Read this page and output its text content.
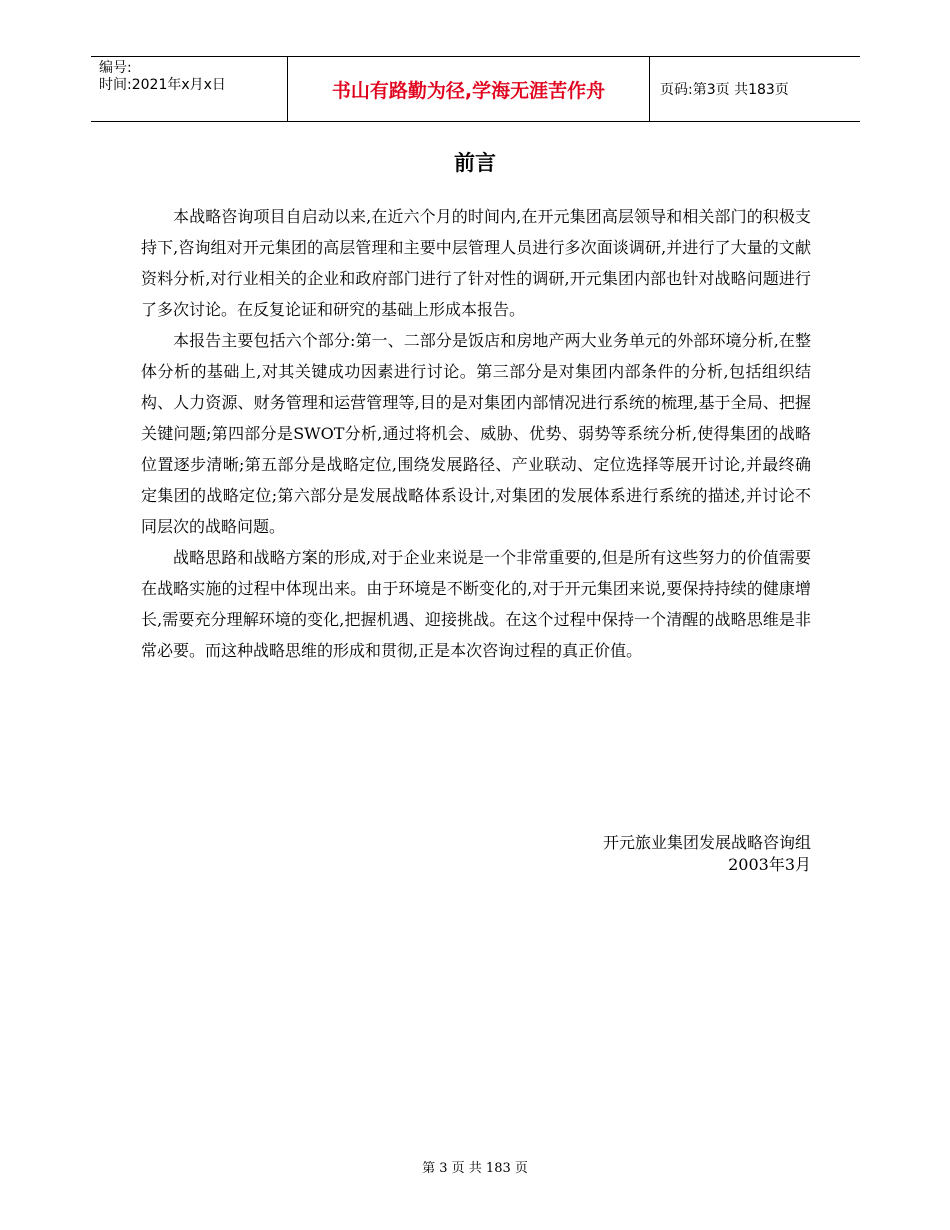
编号:
时间:2021年x月x日	书山有路勤为径,学海无涯苦作舟	页码:第3页 共183页
前言

本战略咨询项目自启动以来,在近六个月的时间内,在开元集团高层领导和相关部门的积极支持下,咨询组对开元集团的高层管理和主要中层管理人员进行多次面谈调研,并进行了大量的文献资料分析,对行业相关的企业和政府部门进行了针对性的调研,开元集团内部也针对战略问题进行了多次讨论。在反复论证和研究的基础上形成本报告。

本报告主要包括六个部分:第一、二部分是饭店和房地产两大业务单元的外部环境分析,在整体分析的基础上,对其关键成功因素进行讨论。第三部分是对集团内部条件的分析,包括组织结构、人力资源、财务管理和运营管理等,目的是对集团内部情况进行系统的梳理,基于全局、把握关键问题;第四部分是SWOT分析,通过将机会、威胁、优势、弱势等系统分析,使得集团的战略位置逐步清晰;第五部分是战略定位,围绕发展路径、产业联动、定位选择等展开讨论,并最终确定集团的战略定位;第六部分是发展战略体系设计,对集团的发展体系进行系统的描述,并讨论不同层次的战略问题。

战略思路和战略方案的形成,对于企业来说是一个非常重要的,但是所有这些努力的价值需要在战略实施的过程中体现出来。由于环境是不断变化的,对于开元集团来说,要保持持续的健康增长,需要充分理解环境的变化,把握机遇、迎接挑战。在这个过程中保持一个清醒的战略思维是非常必要。而这种战略思维的形成和贯彻,正是本次咨询过程的真正价值。

开元旅业集团发展战略咨询组
2003年3月
第 3 页 共 183 页
